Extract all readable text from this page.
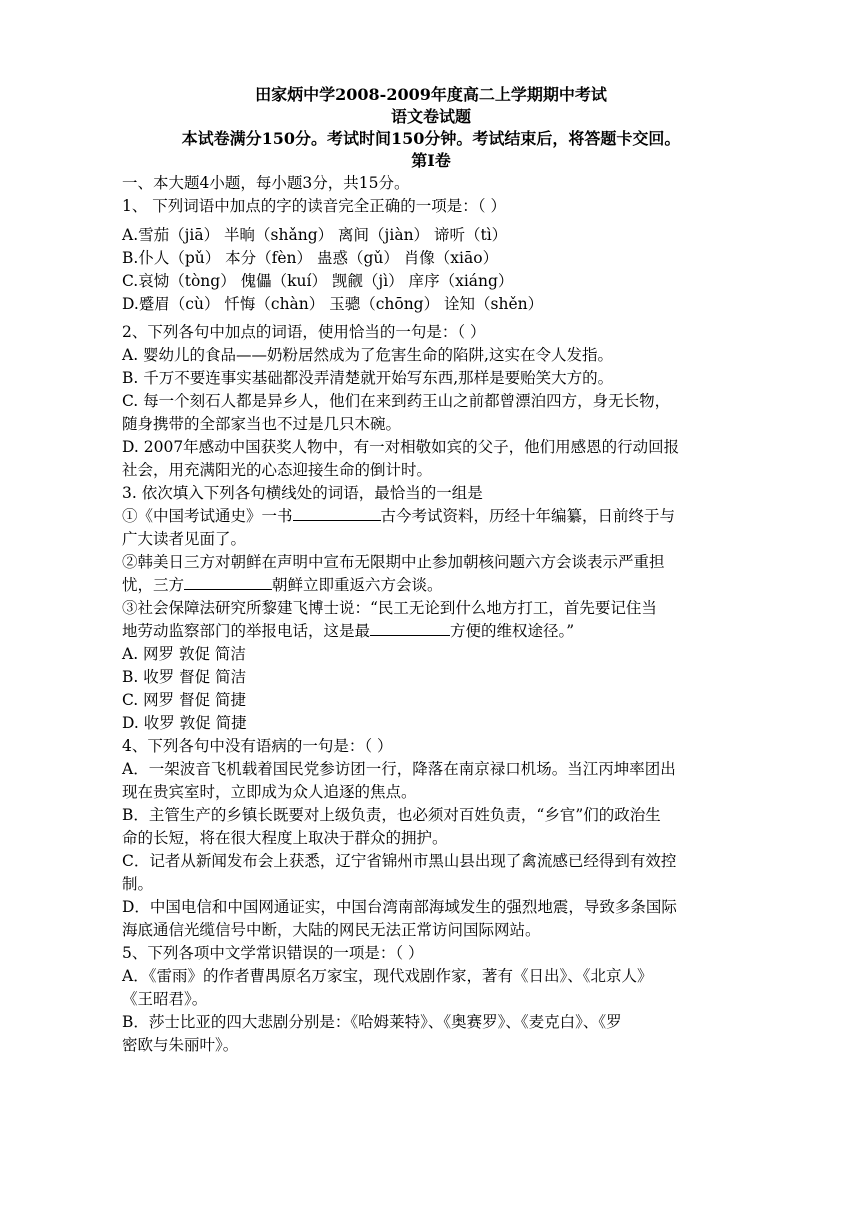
田家炳中学2008-2009年度高二上学期期中考试
语文卷试题
本试卷满分150分。考试时间150分钟。考试结束后，将答题卡交回。
第Ⅰ卷
一、本大题4小题，每小题3分，共15分。
1、 下列词语中加点的字的读音完全正确的一项是：（ ）
A.雪茄（jiā） 半晌（shǎng） 离间（jiàn） 谛听（tì）
B.仆人（pǔ） 本分（fèn） 蛊惑（gǔ） 肖像（xiāo）
C.哀恸（tòng） 傀儡（kuí） 觊觎（jì） 庠序（xiáng）
D.蹙眉（cù） 忏悔（chàn） 玉骢（chōng） 诠知（shěn）
2、下列各句中加点的词语，使用恰当的一句是：（ ）
A. 婴幼儿的食品——奶粉居然成为了危害生命的陷阱,这实在令人发指。
B. 千万不要连事实基础都没弄清楚就开始写东西,那样是要贻笑大方的。
C. 每一个刻石人都是异乡人，他们在来到药王山之前都曾漂泊四方，身无长物，
随身携带的全部家当也不过是几只木碗。
D. 2007年感动中国获奖人物中，有一对相敬如宾的父子，他们用感恩的行动回报
社会，用充满阳光的心态迎接生命的倒计时。
3. 依次填入下列各句横线处的词语，最恰当的一组是
①《中国考试通史》一书	古今考试资料，历经十年编纂，日前终于与
广大读者见面了。
②韩美日三方对朝鲜在声明中宣布无限期中止参加朝核问题六方会谈表示严重担
忧，三方	朝鲜立即重返六方会谈。
③社会保障法研究所黎建飞博士说：“民工无论到什么地方打工，首先要记住当
地劳动监察部门的举报电话，这是最	方便的维权途径。”
A. 网罗 敦促 简洁
B. 收罗 督促 简洁
C. 网罗 督促 简捷
D. 收罗 敦促 简捷
4、下列各句中没有语病的一句是：（ ）
A．一架波音飞机载着国民党参访团一行，降落在南京禄口机场。当江丙坤率团出
现在贵宾室时，立即成为众人追逐的焦点。
B．主管生产的乡镇长既要对上级负责，也必须对百姓负责，“乡官”们的政治生
命的长短，将在很大程度上取决于群众的拥护。
C．记者从新闻发布会上获悉，辽宁省锦州市黑山县出现了禽流感已经得到有效控
制。
D．中国电信和中国网通证实，中国台湾南部海域发生的强烈地震，导致多条国际
海底通信光缆信号中断，大陆的网民无法正常访问国际网站。
5、下列各项中文学常识错误的一项是：（ ）
A．《雷雨》的作者曹禺原名万家宝，现代戏剧作家，著有《日出》、《北京人》
《王昭君》。
B．莎士比亚的四大悲剧分别是：《哈姆莱特》、《奥赛罗》、《麦克白》、《罗
密欧与朱丽叶》。
